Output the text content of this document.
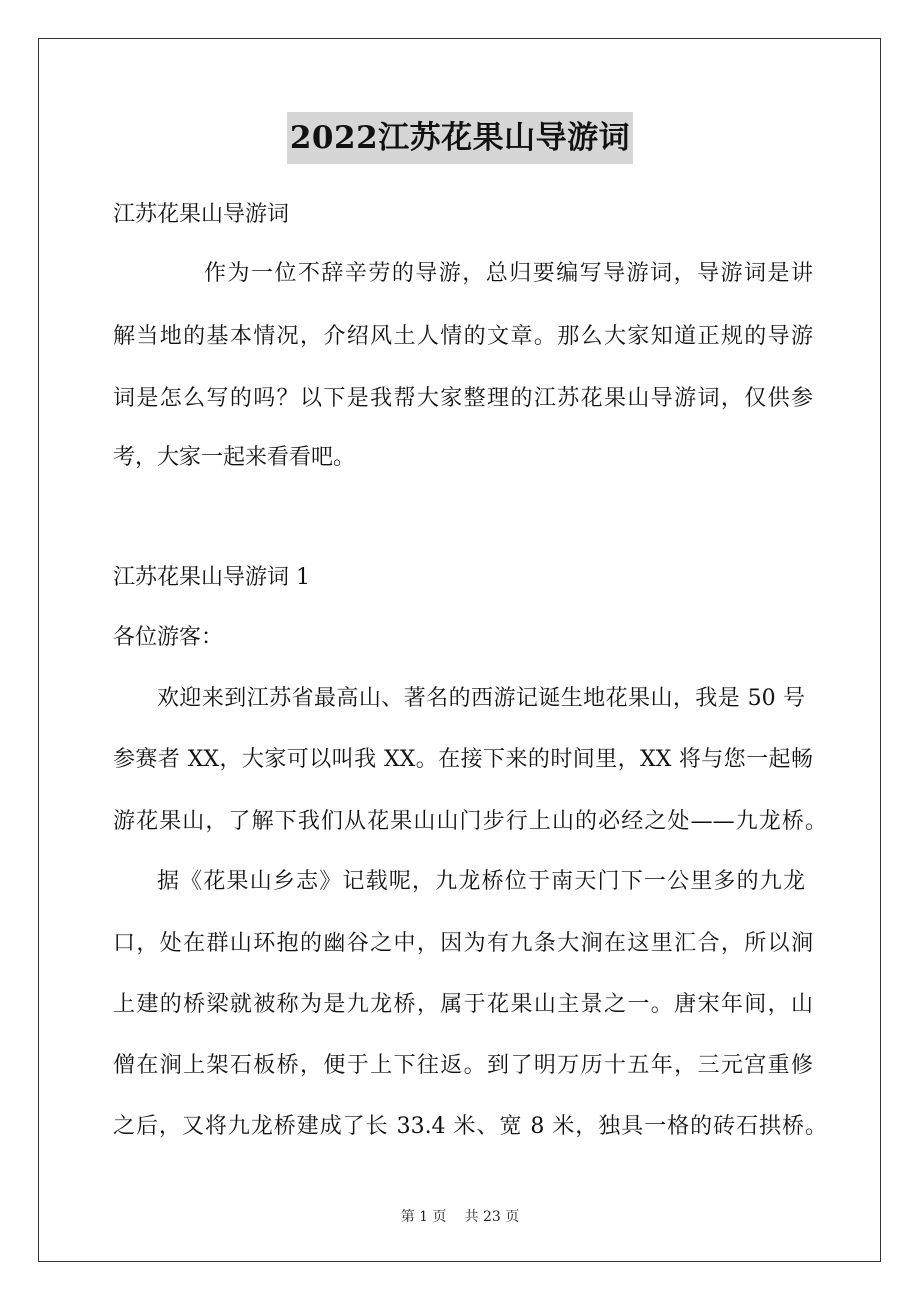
2022江苏花果山导游词
江苏花果山导游词
作为一位不辞辛劳的导游，总归要编写导游词，导游词是讲
解当地的基本情况，介绍风土人情的文章。那么大家知道正规的导游
词是怎么写的吗？以下是我帮大家整理的江苏花果山导游词，仅供参
考，大家一起来看看吧。
江苏花果山导游词 1
各位游客：
欢迎来到江苏省最高山、著名的西游记诞生地花果山，我是 50 号
参赛者 XX，大家可以叫我 XX。在接下来的时间里，XX 将与您一起畅
游花果山，了解下我们从花果山山门步行上山的必经之处——九龙桥。
据《花果山乡志》记载呢，九龙桥位于南天门下一公里多的九龙
口，处在群山环抱的幽谷之中，因为有九条大涧在这里汇合，所以涧
上建的桥梁就被称为是九龙桥，属于花果山主景之一。唐宋年间，山
僧在涧上架石板桥，便于上下往返。到了明万历十五年，三元宫重修
之后，又将九龙桥建成了长 33.4 米、宽 8 米，独具一格的砖石拱桥。
第 1 页 共 23 页
